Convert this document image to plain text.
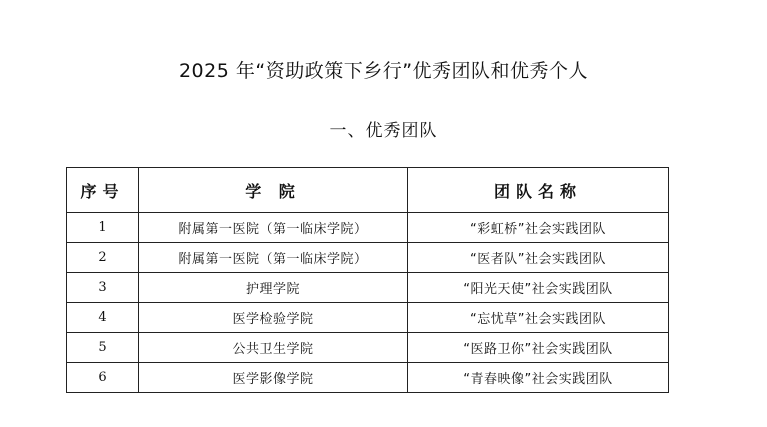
2025 年“资助政策下乡行”优秀团队和优秀个人
一、优秀团队
序号	学 院	团队名称
1	附属第一医院（第一临床学院）	“彩虹桥”社会实践团队
2	附属第一医院（第一临床学院）	“医者队”社会实践团队
3	护理学院	“阳光天使”社会实践团队
4	医学检验学院	“忘忧草”社会实践团队
5	公共卫生学院	“医路卫你”社会实践团队
6	医学影像学院	“青春映像”社会实践团队
